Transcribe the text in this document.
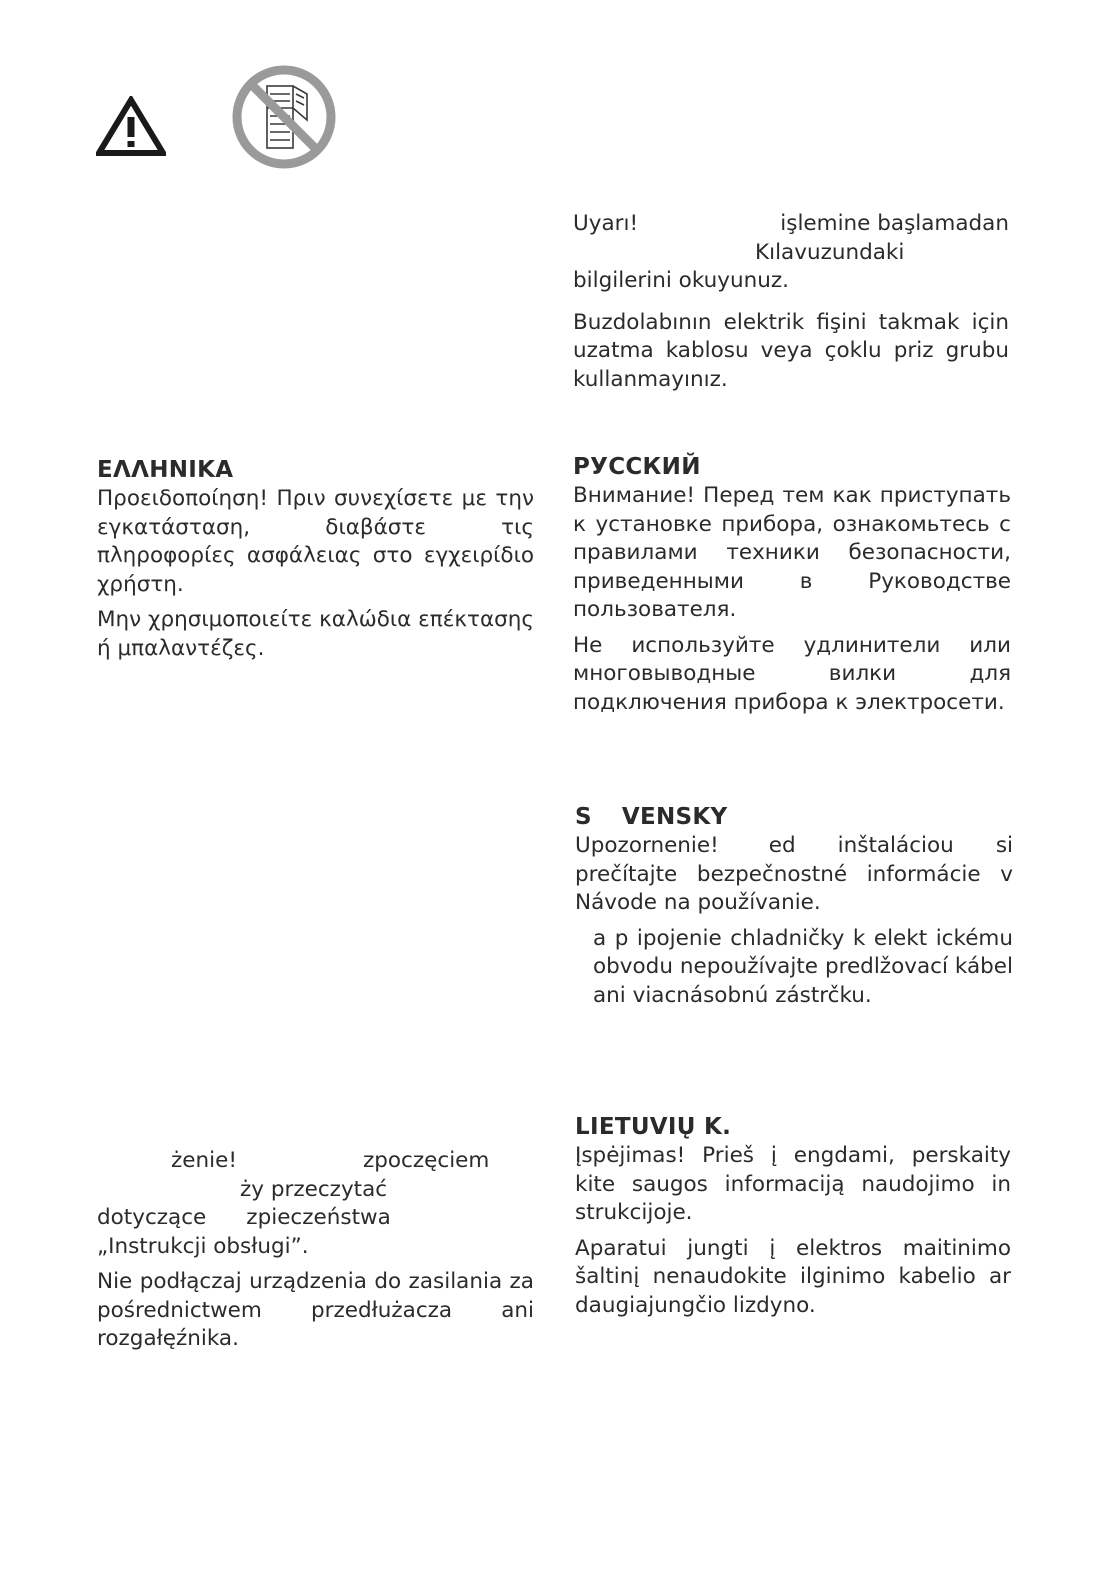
Uyarı!	işlemine başlamadan
Kılavuzundaki
bilgilerini okuyunuz.

Buzdolabının elektrik fişini takmak için uzatma kablosu veya çoklu priz grubu kullanmayınız.

ΕΛΛΗΝΙΚΑ

Προειδοποίηση! Πριν συνεχίσετε με την εγκατάσταση, διαβάστε τις πληροφορίες ασφάλειας στο εγχειρίδιο χρήστη.

Μην χρησιμοποιείτε καλώδια επέκτασης ή μπαλαντέζες.

РУССКИЙ

Внимание! Перед тем как приступать к установке прибора, ознакомьтесь с правилами техники безопасности, приведенными в Руководстве пользователя.

Не используйте удлинители или многовыводные вилки для подключения прибора к электросети.

S VENSKY

Upozornenie! ed inštaláciou si prečítajte bezpečnostné informácie v Návode na používanie.

a p ipojenie chladničky k elekt ickému obvodu nepoužívajte predlžovací kábel ani viacnásobnú zástrčku.

żenie!	zpoczęciem
ży przeczytać
dotyczące zpieczeństwa
„Instrukcji obsługi”.

Nie podłączaj urządzenia do zasilania za pośrednictwem przedłużacza ani rozgałęźnika.

LIETUVIŲ K.

Įspėjimas! Prieš į engdami, perskaity kite saugos informaciją naudojimo in strukcijoje.

Aparatui jungti į elektros maitinimo šaltinį nenaudokite ilginimo kabelio ar daugiajungčio lizdyno.
